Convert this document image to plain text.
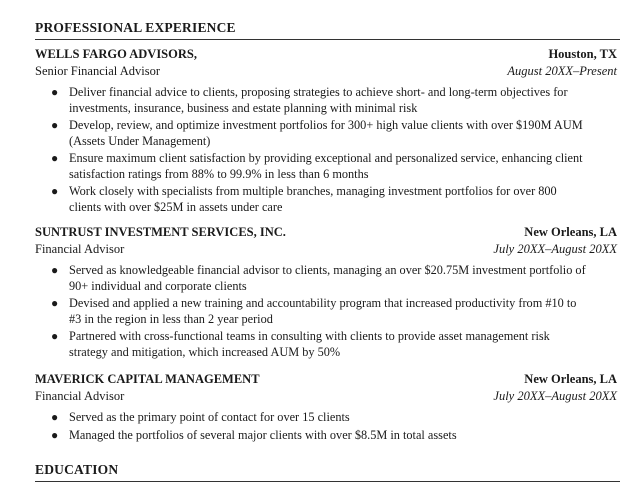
PROFESSIONAL EXPERIENCE
WELLS FARGO ADVISORS,	Houston, TX
Senior Financial Advisor	August 20XX–Present
● Deliver financial advice to clients, proposing strategies to achieve short- and long-term objectives for investments, insurance, business and estate planning with minimal risk
● Develop, review, and optimize investment portfolios for 300+ high value clients with over $190M AUM (Assets Under Management)
● Ensure maximum client satisfaction by providing exceptional and personalized service, enhancing client satisfaction ratings from 88% to 99.9% in less than 6 months
● Work closely with specialists from multiple branches, managing investment portfolios for over 800 clients with over $25M in assets under care
SUNTRUST INVESTMENT SERVICES, INC.	New Orleans, LA
Financial Advisor	July 20XX–August 20XX
● Served as knowledgeable financial advisor to clients, managing an over $20.75M investment portfolio of 90+ individual and corporate clients
● Devised and applied a new training and accountability program that increased productivity from #10 to #3 in the region in less than 2 year period
● Partnered with cross-functional teams in consulting with clients to provide asset management risk strategy and mitigation, which increased AUM by 50%
MAVERICK CAPITAL MANAGEMENT	New Orleans, LA
Financial Advisor	July 20XX–August 20XX
● Served as the primary point of contact for over 15 clients
● Managed the portfolios of several major clients with over $8.5M in total assets
EDUCATION
